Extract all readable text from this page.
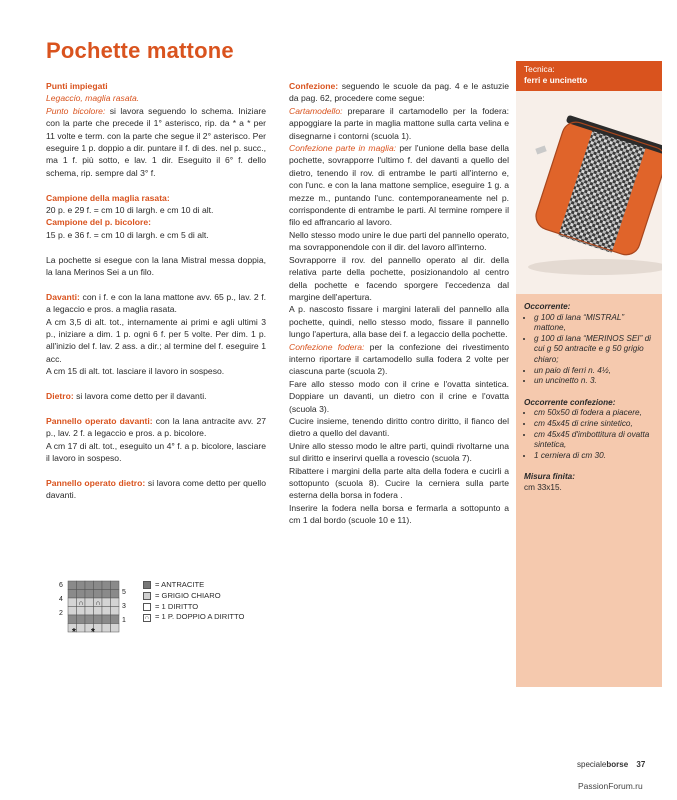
Pochette mattone

Punti impiegati

Legaccio, maglia rasata.

Punto bicolore: si lavora seguendo lo schema. Iniziare con la parte che precede il 1° asterisco, rip. da * a * per 11 volte e term. con la parte che segue il 2° asterisco. Per eseguire 1 p. doppio a dir. puntare il f. di des. nel p. succ., ma 1 f. più sotto, e lav. 1 dir. Eseguito il 6° f. dello schema, rip. sempre dal 3° f.

Campione della maglia rasata:

20 p. e 29 f. = cm 10 di largh. e cm 10 di alt.

Campione del p. bicolore:

15 p. e 36 f. = cm 10 di largh. e cm 5 di alt.

La pochette si esegue con la lana Mistral messa doppia, la lana Merinos Sei a un filo.

Davanti: con i f. e con la lana mattone avv. 65 p., lav. 2 f. a legaccio e pros. a maglia rasata.

A cm 3,5 di alt. tot., internamente ai primi e agli ultimi 3 p., iniziare a dim. 1 p. ogni 6 f. per 5 volte. Per dim. 1 p. all'inizio del f. lav. 2 ass. a dir.; al termine del f. eseguire 1 acc.

A cm 15 di alt. tot. lasciare il lavoro in sospeso.

Dietro: si lavora come detto per il davanti.

Pannello operato davanti: con la lana antracite avv. 27 p., lav. 2 f. a legaccio e pros. a p. bicolore.

A cm 17 di alt. tot., eseguito un 4° f. a p. bicolore, lasciare il lavoro in sospeso.

Pannello operato dietro: si lavora come detto per quello davanti.

Confezione: seguendo le scuole da pag. 4 e le astuzie da pag. 62, procedere come segue:

Cartamodello: preparare il cartamodello per la fodera: appoggiare la parte in maglia mattone sulla carta velina e disegnarne i contorni (scuola 1).

Confezione parte in maglia: per l'unione della base della pochette, sovrapporre l'ultimo f. del davanti a quello del dietro, tenendo il rov. di entrambe le parti all'interno e, con l'unc. e con la lana mattone semplice, eseguire 1 g. a mezze m., puntando l'unc. contemporaneamente nel p. corrispondente di entrambe le parti. Al termine rompere il filo ed affrancario al lavoro.

Nello stesso modo unire le due parti del pannello operato, ma sovrapponendole con il dir. del lavoro all'interno.

Sovrapporre il rov. del pannello operato al dir. della relativa parte della pochette, posizionandolo al centro della pochette e facendo sporgere l'eccedenza dal margine dell'apertura.

A p. nascosto fissare i margini laterali del pannello alla pochette, quindi, nello stesso modo, fissare il pannello lungo l'apertura, alla base dei f. a legaccio della pochette.

Confezione fodera: per la confezione dei rivestimento interno riportare il cartamodello sulla fodera 2 volte per ciascuna parte (scuola 2).

Fare allo stesso modo con il crine e l'ovatta sintetica. Doppiare un davanti, un dietro con il crine e l'ovatta (scuola 3).

Cucire insieme, tenendo diritto contro diritto, il fianco del dietro a quello del davanti.

Unire allo stesso modo le altre parti, quindi rivoltarne una sul diritto e inserirvi quella a rovescio (scuola 7).

Ribattere i margini della parte alta della fodera e cucirli a sottopunto (scuola 8). Cucire la cerniera sulla parte esterna della borsa in fodera .

Inserire la fodera nella borsa e fermarla a sottopunto a cm 1 dal bordo (scuole 10 e 11).

Tecnica:
ferri e uncinetto
Occorrente:
• g 100 di lana “MISTRAL” mattone,
• g 100 di lana “MERINOS SEI” di cui g 50 antracite e g 50 grigio chiaro;
• un paio di ferri n. 4½,
• un uncinetto n. 3.
Occorrente confezione:
• cm 50x50 di fodera a piacere,
• cm 45x45 di crine sintetico,
• cm 45x45 d'imbottitura di ovatta sintetica,
• 1 cerniera di cm 30.
Misura finita:
cm 33x15.
6
4
2
5
3
1
∩ ∩
* *
= ANTRACITE
= GRIGIO CHIARO
= 1 DIRITTO
∩ = 1 P. DOPPIO A DIRITTO
specialeborse 37
PassionForum.ru
